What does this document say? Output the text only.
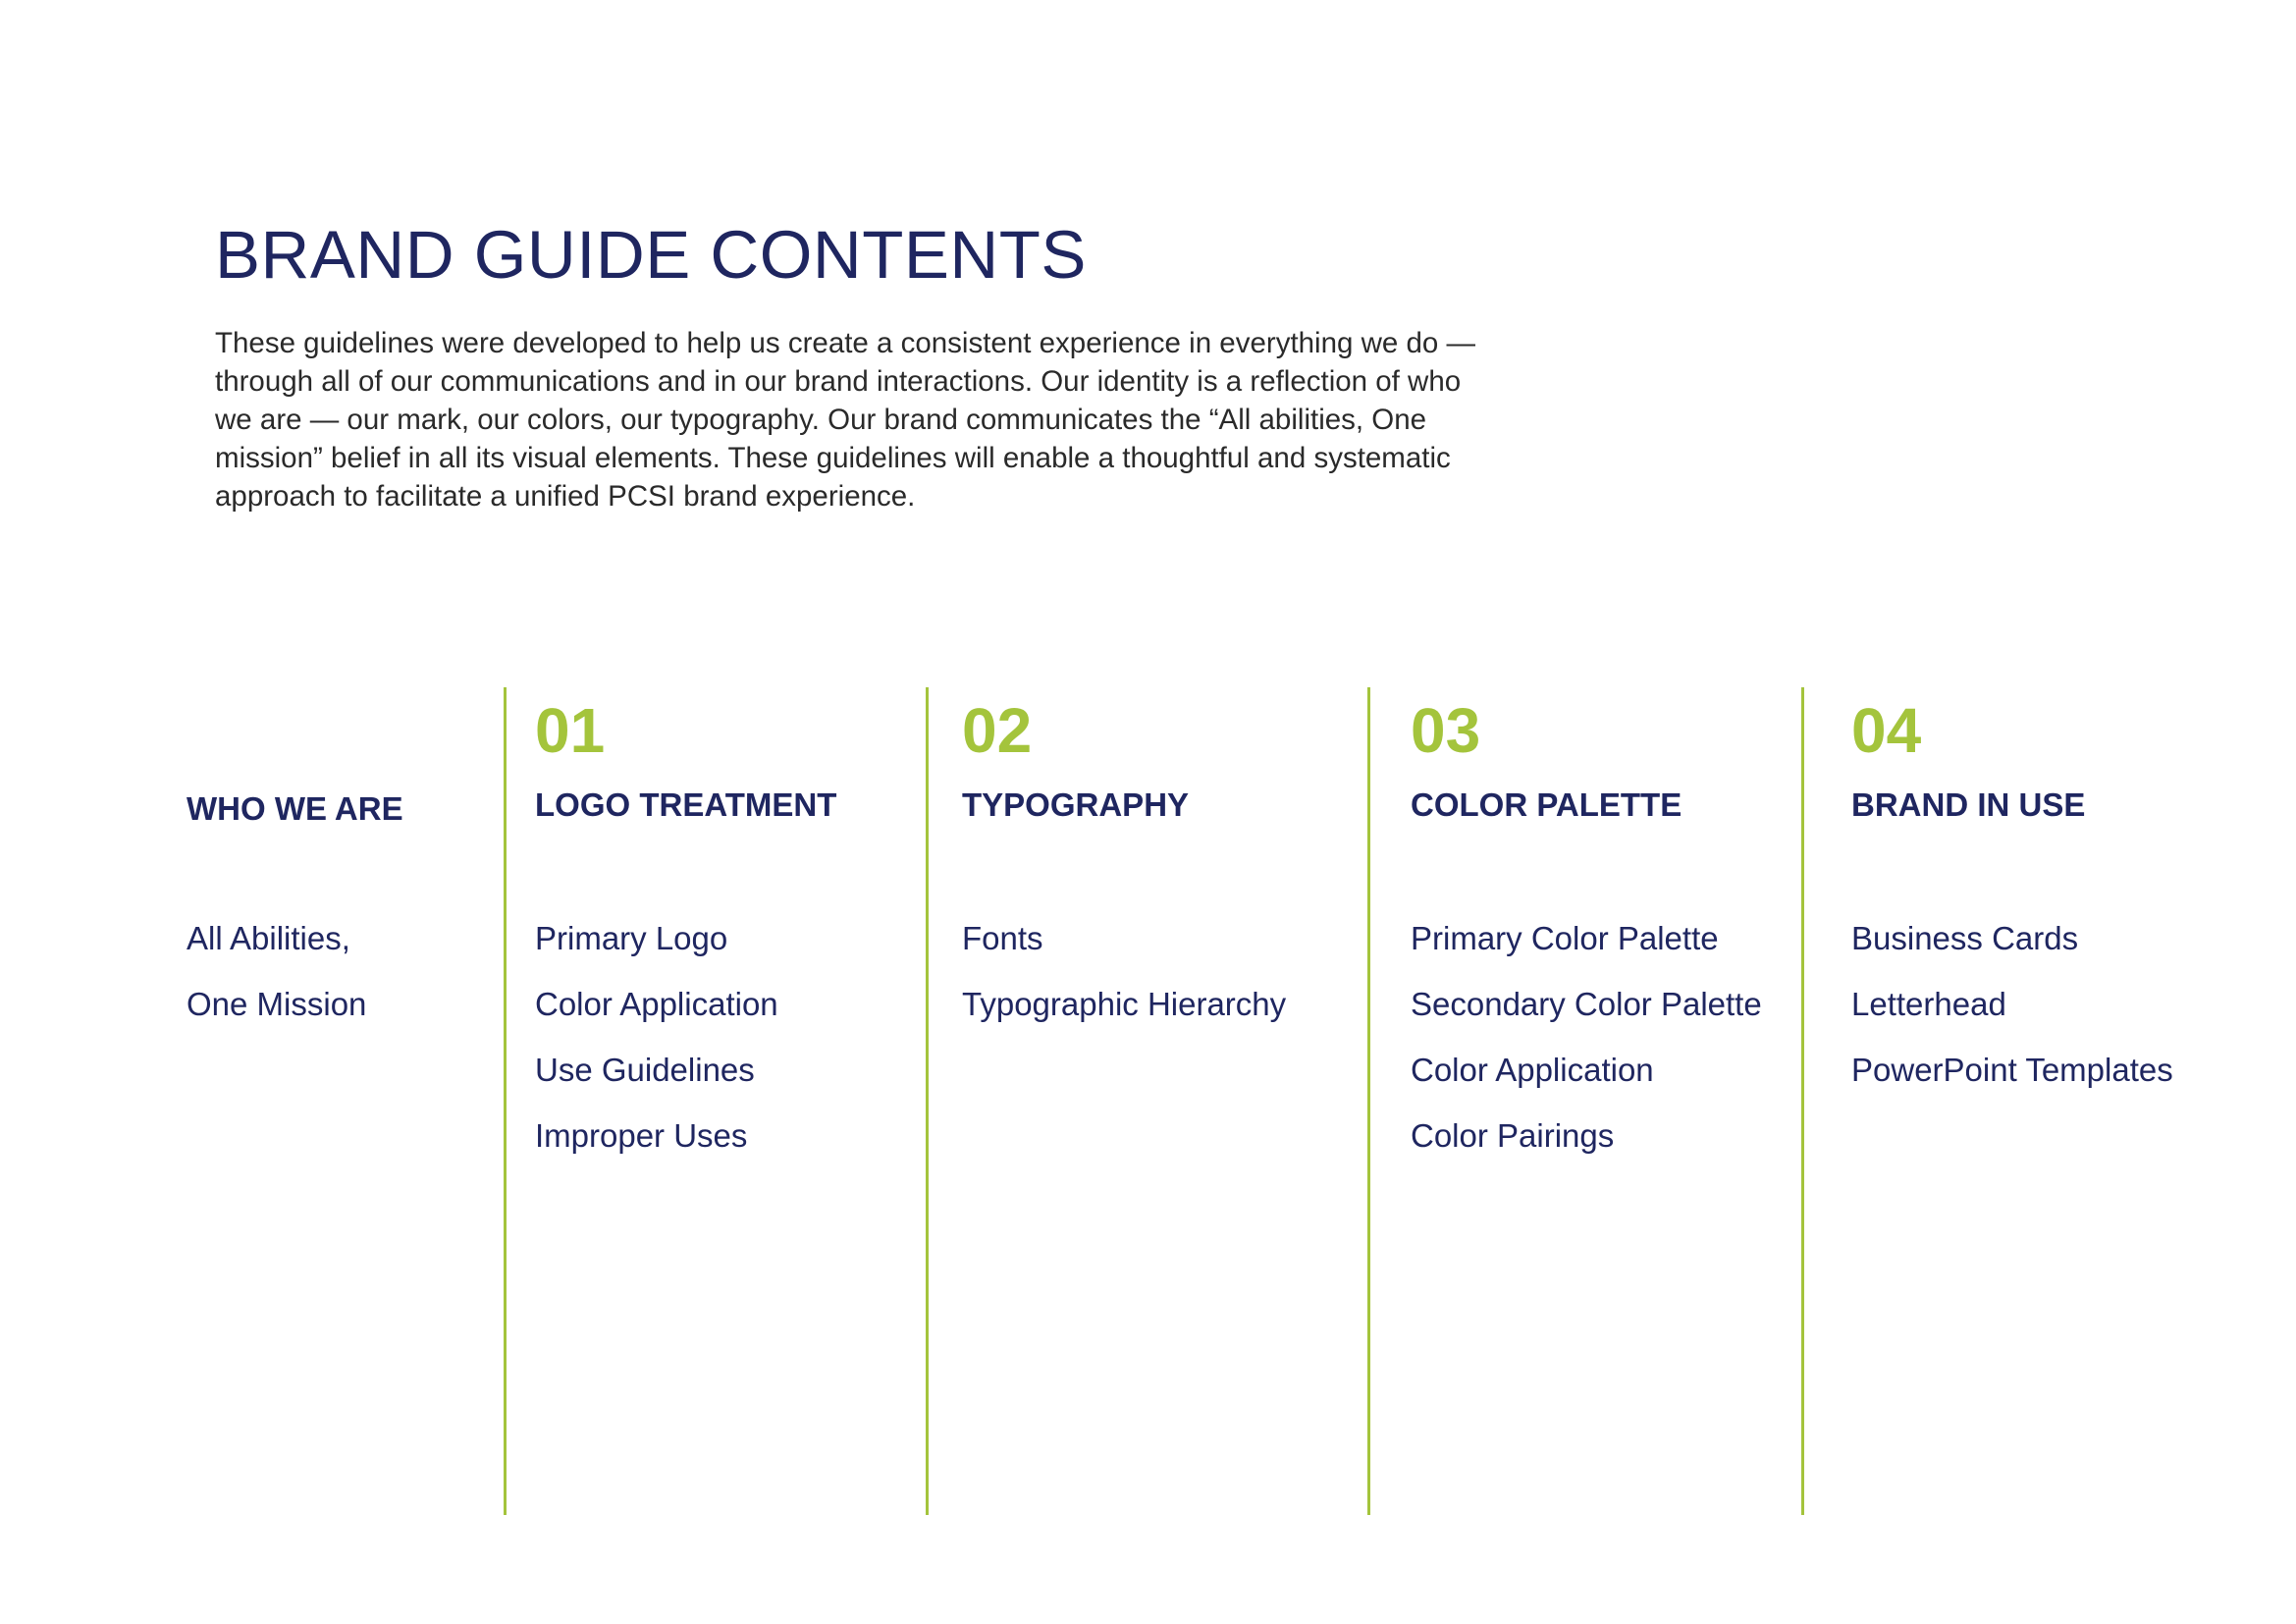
BRAND GUIDE CONTENTS

These guidelines were developed to help us create a consistent experience in everything we do —
through all of our communications and in our brand interactions. Our identity is a reflection of who
we are — our mark, our colors, our typography. Our brand communicates the “All abilities, One
mission” belief in all its visual elements. These guidelines will enable a thoughtful and systematic
approach to facilitate a unified PCSI brand experience.

WHO WE ARE
All Abilities,
One Mission
01
LOGO TREATMENT
Primary Logo
Color Application
Use Guidelines
Improper Uses
02
TYPOGRAPHY
Fonts
Typographic Hierarchy
03
COLOR PALETTE
Primary Color Palette
Secondary Color Palette
Color Application
Color Pairings
04
BRAND IN USE
Business Cards
Letterhead
PowerPoint Templates
